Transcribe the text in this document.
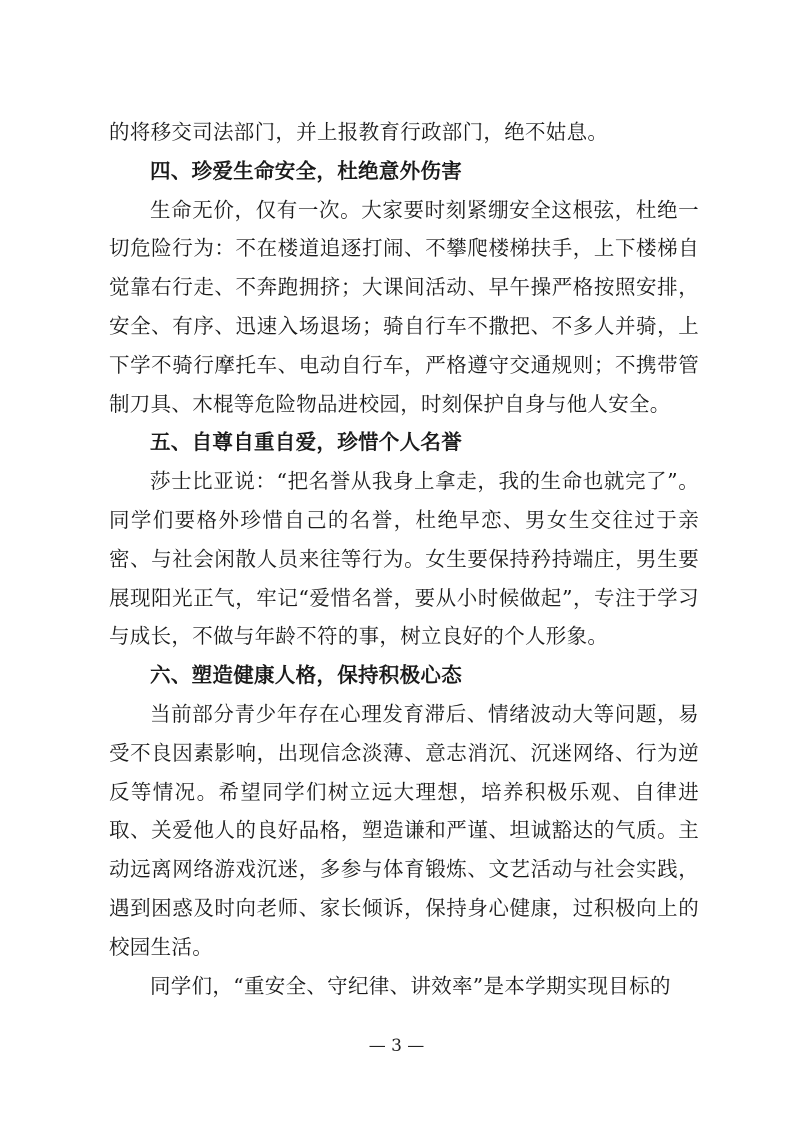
的将移交司法部门，并上报教育行政部门，绝不姑息。

四、珍爱生命安全，杜绝意外伤害

生命无价，仅有一次。大家要时刻紧绷安全这根弦，杜绝一切危险行为：不在楼道追逐打闹、不攀爬楼梯扶手，上下楼梯自觉靠右行走、不奔跑拥挤；大课间活动、早午操严格按照安排，安全、有序、迅速入场退场；骑自行车不撒把、不多人并骑，上下学不骑行摩托车、电动自行车，严格遵守交通规则；不携带管制刀具、木棍等危险物品进校园，时刻保护自身与他人安全。

五、自尊自重自爱，珍惜个人名誉

莎士比亚说：“把名誉从我身上拿走，我的生命也就完了”。同学们要格外珍惜自己的名誉，杜绝早恋、男女生交往过于亲密、与社会闲散人员来往等行为。女生要保持矜持端庄，男生要展现阳光正气，牢记“爱惜名誉，要从小时候做起”，专注于学习与成长，不做与年龄不符的事，树立良好的个人形象。

六、塑造健康人格，保持积极心态

当前部分青少年存在心理发育滞后、情绪波动大等问题，易受不良因素影响，出现信念淡薄、意志消沉、沉迷网络、行为逆反等情况。希望同学们树立远大理想，培养积极乐观、自律进取、关爱他人的良好品格，塑造谦和严谨、坦诚豁达的气质。主动远离网络游戏沉迷，多参与体育锻炼、文艺活动与社会实践，遇到困惑及时向老师、家长倾诉，保持身心健康，过积极向上的校园生活。

同学们，“重安全、守纪律、讲效率”是本学期实现目标的

— 3 —
